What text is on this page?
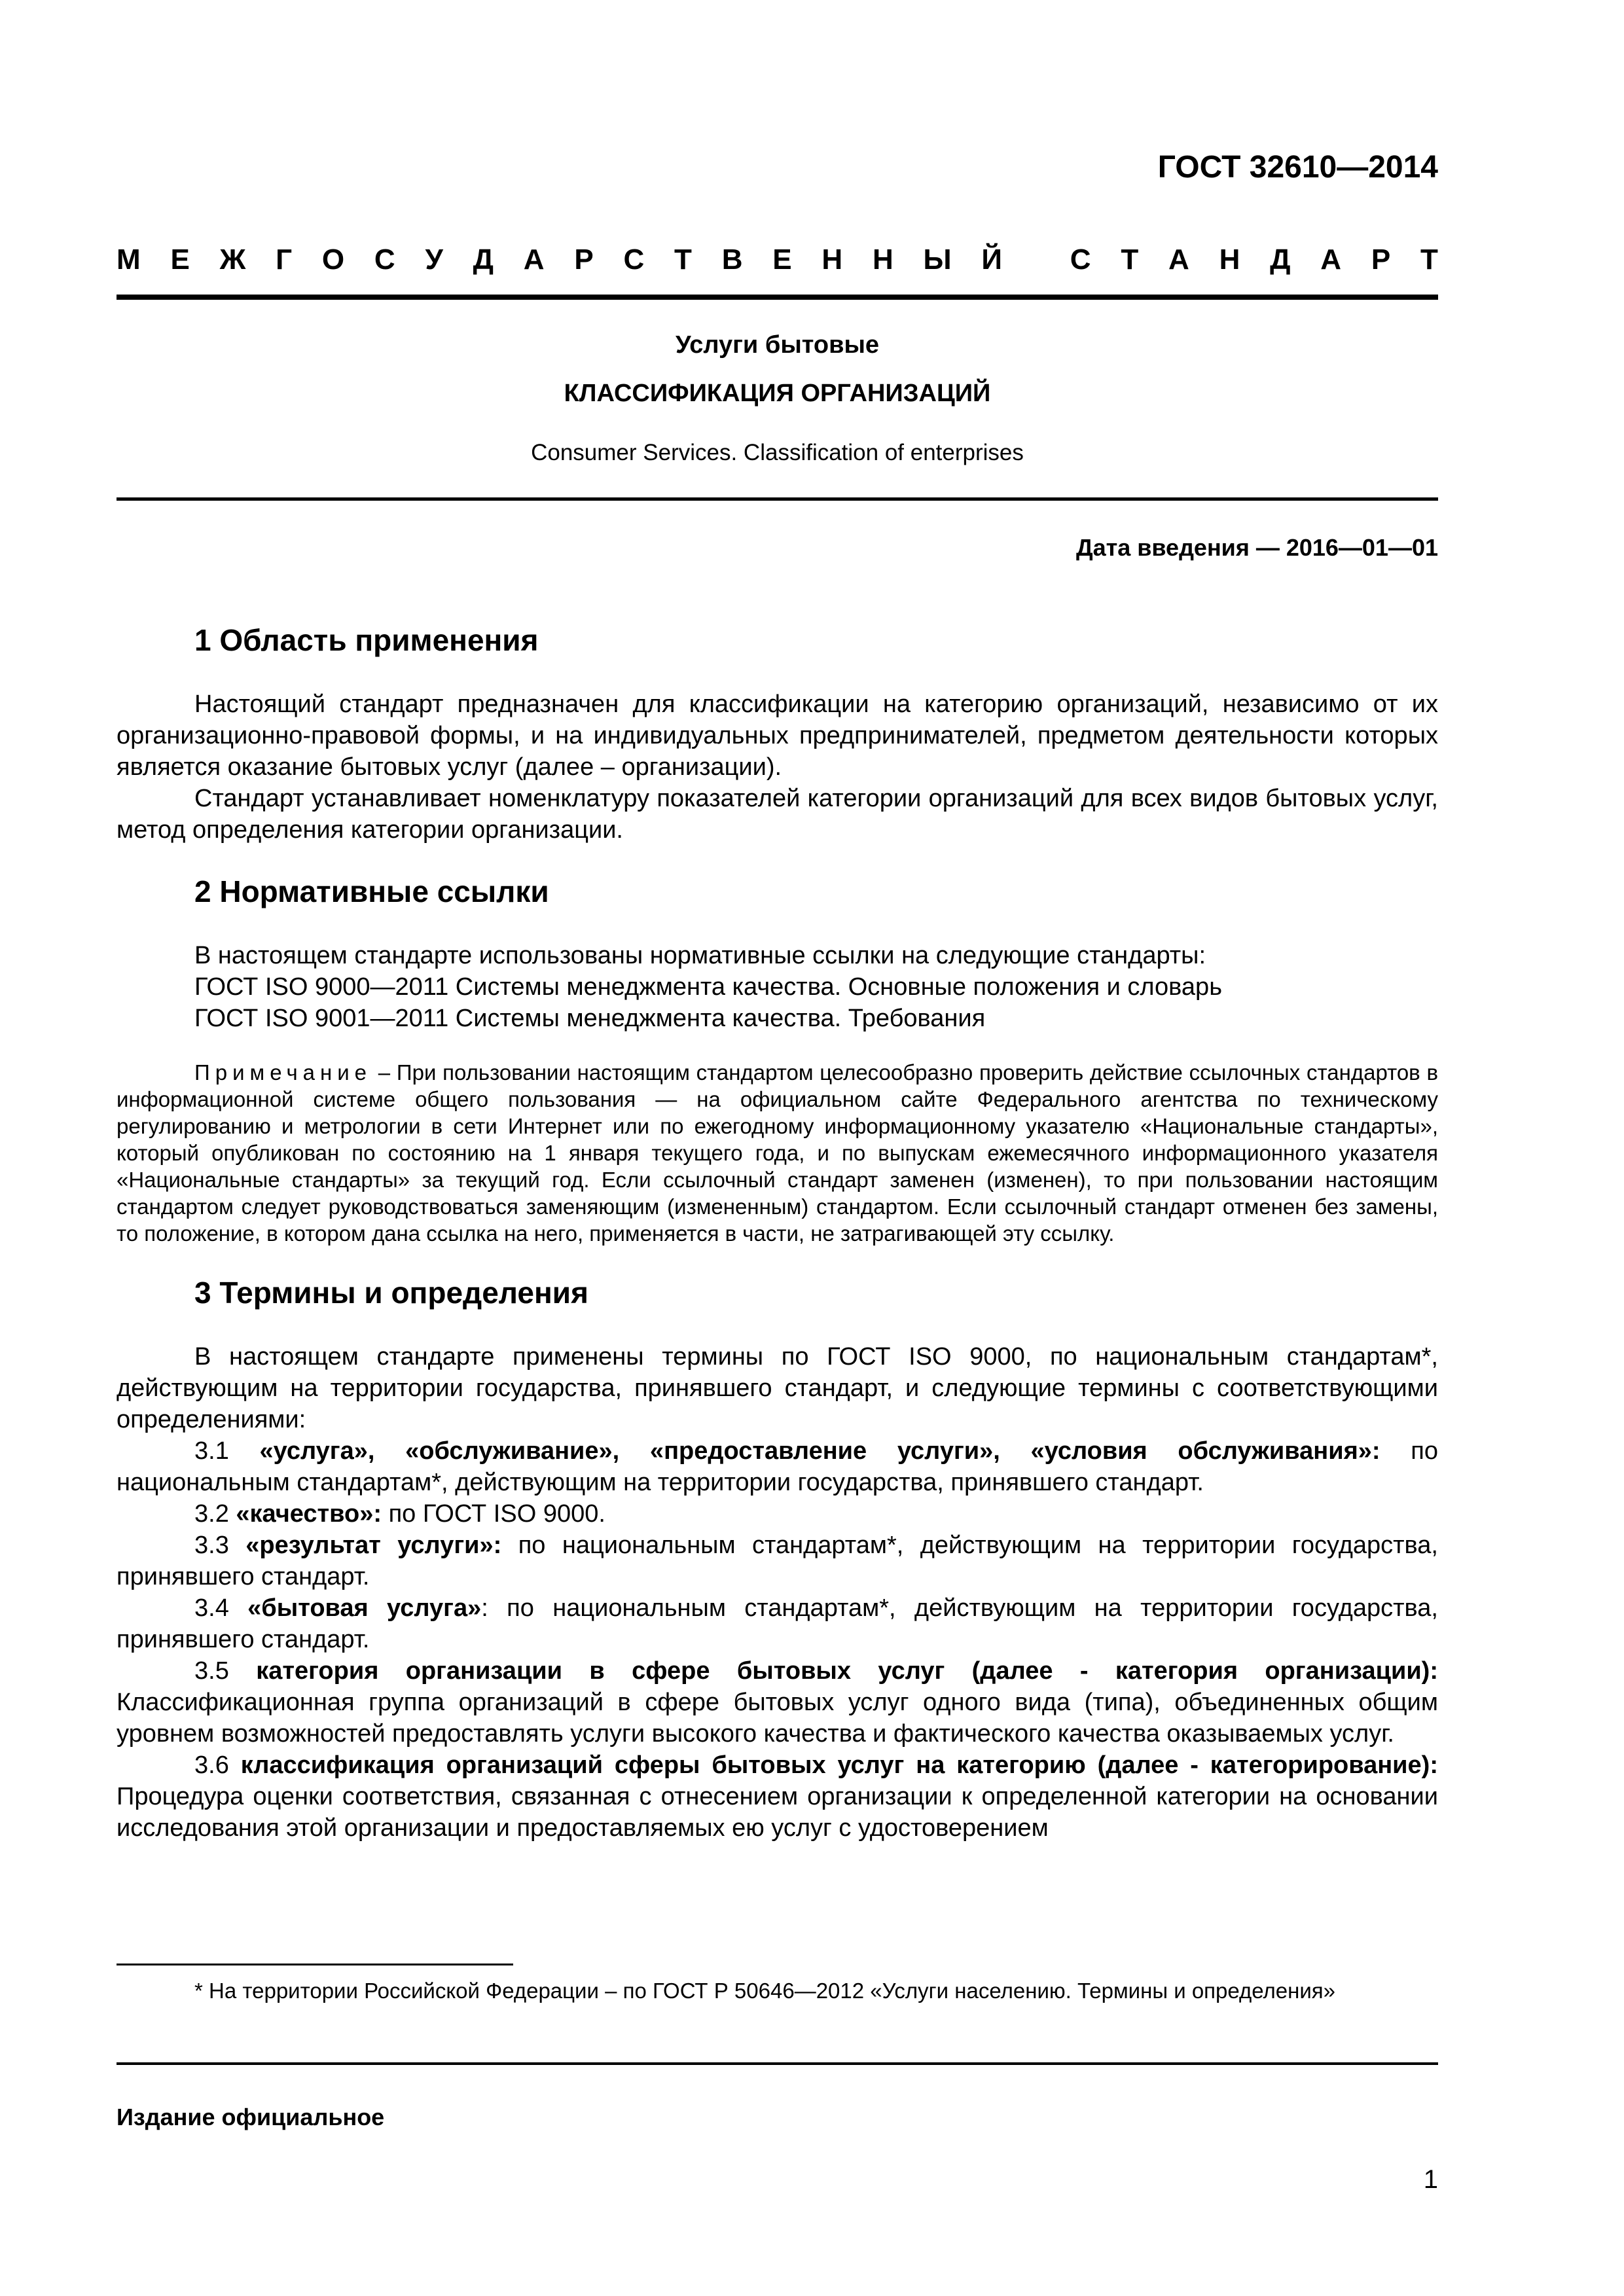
ГОСТ 32610—2014
М Е Ж Г О С У Д А Р С Т В Е Н Н Ы Й
С Т А Н Д А Р Т
Услуги бытовые
КЛАССИФИКАЦИЯ ОРГАНИЗАЦИЙ
Consumer Services. Classification of enterprises
Дата введения — 2016—01—01
1 Область применения

Настоящий стандарт предназначен для классификации на категорию организаций, независимо от их организационно-правовой формы, и на индивидуальных предпринимателей, предметом деятельности которых является оказание бытовых услуг (далее – организации).

Стандарт устанавливает номенклатуру показателей категории организаций для всех видов бытовых услуг, метод определения категории организации.

2 Нормативные ссылки

В настоящем стандарте использованы нормативные ссылки на следующие стандарты:

ГОСТ ISO 9000—2011 Системы менеджмента качества. Основные положения и словарь

ГОСТ ISO 9001—2011 Системы менеджмента качества. Требования

Примечание – При пользовании настоящим стандартом целесообразно проверить действие ссылочных стандартов в информационной системе общего пользования — на официальном сайте Федерального агентства по техническому регулированию и метрологии в сети Интернет или по ежегодному информационному указателю «Национальные стандарты», который опубликован по состоянию на 1 января текущего года, и по выпускам ежемесячного информационного указателя «Национальные стандарты» за текущий год. Если ссылочный стандарт заменен (изменен), то при пользовании настоящим стандартом следует руководствоваться заменяющим (измененным) стандартом. Если ссылочный стандарт отменен без замены, то положение, в котором дана ссылка на него, применяется в части, не затрагивающей эту ссылку.

3 Термины и определения

В настоящем стандарте применены термины по ГОСТ ISO 9000, по национальным стандартам*, действующим на территории государства, принявшего стандарт, и следующие термины с соответствующими определениями:

3.1 «услуга», «обслуживание», «предоставление услуги», «условия обслуживания»: по национальным стандартам*, действующим на территории государства, принявшего стандарт.

3.2 «качество»: по ГОСТ ISO 9000.

3.3 «результат услуги»: по национальным стандартам*, действующим на территории государства, принявшего стандарт.

3.4 «бытовая услуга»: по национальным стандартам*, действующим на территории государства, принявшего стандарт.

3.5 категория организации в сфере бытовых услуг (далее - категория организации): Классификационная группа организаций в сфере бытовых услуг одного вида (типа), объединенных общим уровнем возможностей предоставлять услуги высокого качества и фактического качества оказываемых услуг.

3.6 классификация организаций сферы бытовых услуг на категорию (далее - категорирование): Процедура оценки соответствия, связанная с отнесением организации к определенной категории на основании исследования этой организации и предоставляемых ею услуг с удостоверением

* На территории Российской Федерации – по ГОСТ Р 50646—2012 «Услуги населению. Термины и определения»
Издание официальное
1
